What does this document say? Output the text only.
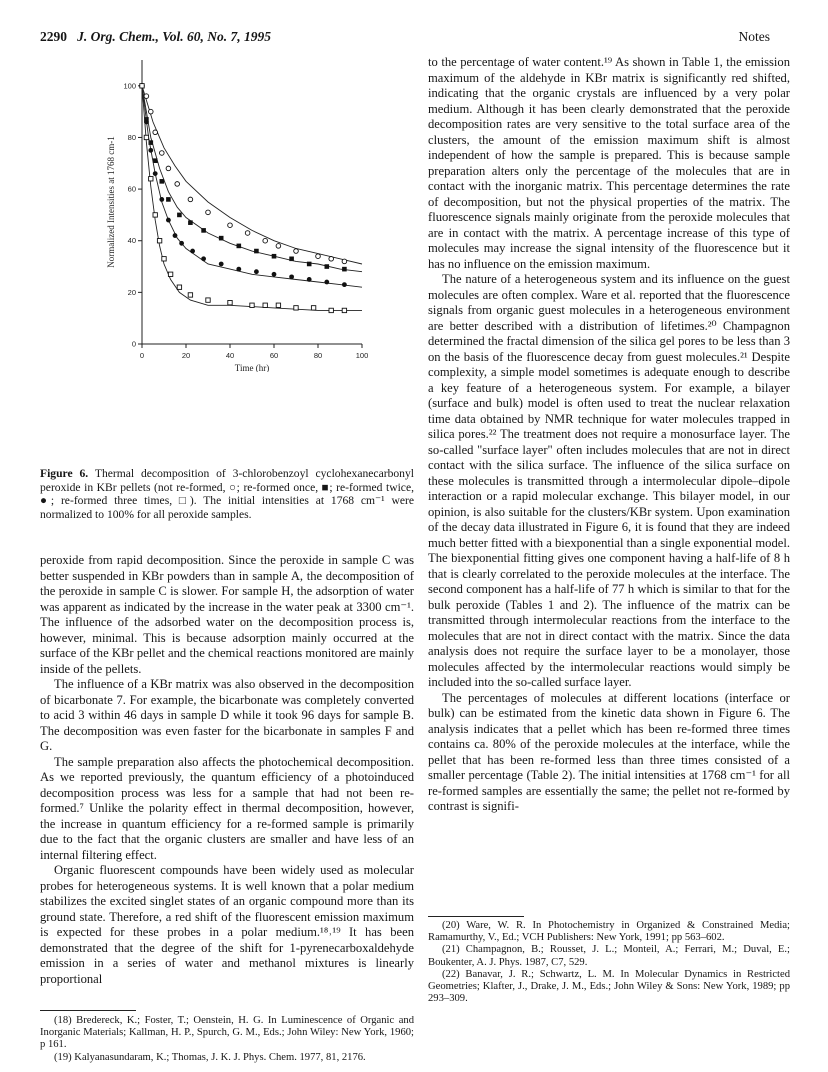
2290 J. Org. Chem., Vol. 60, No. 7, 1995	Notes
0	20	40	60	80	100
0
20
40
60
80
100
Time (hr)
Normalized Intensities at 1768 cm-1
Figure 6. Thermal decomposition of 3-chlorobenzoyl cyclohexanecarbonyl peroxide in KBr pellets (not re-formed, ○; re-formed once, ■; re-formed twice, ●; re-formed three times, □). The initial intensities at 1768 cm⁻¹ were normalized to 100% for all peroxide samples.

peroxide from rapid decomposition. Since the peroxide in sample C was better suspended in KBr powders than in sample A, the decomposition of the peroxide in sample C is slower. For sample H, the adsorption of water was apparent as indicated by the increase in the water peak at 3300 cm⁻¹. The influence of the adsorbed water on the decomposition process is, however, minimal. This is because adsorption mainly occurred at the surface of the KBr pellet and the chemical reactions monitored are mainly inside of the pellets.

The influence of a KBr matrix was also observed in the decomposition of bicarbonate 7. For example, the bicarbonate was completely converted to acid 3 within 46 days in sample D while it took 96 days for sample B. The decomposition was even faster for the bicarbonate in samples F and G.

The sample preparation also affects the photochemical decomposition. As we reported previously, the quantum efficiency of a photoinduced decomposition process was less for a sample that had not been re-formed.⁷ Unlike the polarity effect in thermal decomposition, however, the increase in quantum efficiency for a re-formed sample is primarily due to the fact that the organic clusters are smaller and have less of an internal filtering effect.

Organic fluorescent compounds have been widely used as molecular probes for heterogeneous systems. It is well known that a polar medium stabilizes the excited singlet states of an organic compound more than its ground state. Therefore, a red shift of the fluorescent emission maximum is expected for these probes in a polar medium.¹⁸˒¹⁹ It has been demonstrated that the degree of the shift for 1-pyrenecarboxaldehyde emission in a series of water and methanol mixtures is linearly proportional

to the percentage of water content.¹⁹ As shown in Table 1, the emission maximum of the aldehyde in KBr matrix is significantly red shifted, indicating that the organic crystals are influenced by a very polar medium. Although it has been clearly demonstrated that the peroxide decomposition rates are very sensitive to the total surface area of the clusters, the amount of the emission maximum shift is almost independent of how the sample is prepared. This is because sample preparation alters only the percentage of the molecules that are in contact with the inorganic matrix. This percentage determines the rate of decomposition, but not the physical properties of the matrix. The fluorescence signals mainly originate from the peroxide molecules that are in contact with the matrix. A percentage increase of this type of molecules may increase the signal intensity of the fluorescence but it has no influence on the emission maximum.

The nature of a heterogeneous system and its influence on the guest molecules are often complex. Ware et al. reported that the fluorescence signals from organic guest molecules in a heterogeneous environment are better described with a distribution of lifetimes.²⁰ Champagnon determined the fractal dimension of the silica gel pores to be less than 3 on the basis of the fluorescence decay from guest molecules.²¹ Despite complexity, a simple model sometimes is adequate enough to describe a key feature of a heterogeneous system. For example, a bilayer (surface and bulk) model is often used to treat the nuclear relaxation time data obtained by NMR technique for water molecules trapped in silica pores.²² The treatment does not require a monosurface layer. The so-called "surface layer" often includes molecules that are not in direct contact with the silica surface. The influence of the silica surface on these molecules is transmitted through a intermolecular dipole–dipole interaction or a rapid molecular exchange. This bilayer model, in our opinion, is also suitable for the clusters/KBr system. Upon examination of the decay data illustrated in Figure 6, it is found that they are indeed much better fitted with a biexponential than a single exponential model. The biexponential fitting gives one component having a half-life of 8 h that is clearly correlated to the peroxide molecules at the interface. The second component has a half-life of 77 h which is similar to that for the bulk peroxide (Tables 1 and 2). The influence of the matrix can be transmitted through intermolecular reactions from the interface to the molecules that are not in direct contact with the matrix. Since the data analysis does not require the surface layer to be a monolayer, those molecules affected by the intermolecular reactions would simply be included into the so-called surface layer.

The percentages of molecules at different locations (interface or bulk) can be estimated from the kinetic data shown in Figure 6. The analysis indicates that a pellet which has been re-formed three times contains ca. 80% of the peroxide molecules at the interface, while the pellet that has been re-formed less than three times consisted of a smaller percentage (Table 2). The initial intensities at 1768 cm⁻¹ for all re-formed samples are essentially the same; the pellet not re-formed by contrast is signifi-

(18) Bredereck, K.; Foster, T.; Oenstein, H. G. In Luminescence of Organic and Inorganic Materials; Kallman, H. P., Spurch, G. M., Eds.; John Wiley: New York, 1960; p 161.

(19) Kalyanasundaram, K.; Thomas, J. K. J. Phys. Chem. 1977, 81, 2176.

(20) Ware, W. R. In Photochemistry in Organized & Constrained Media; Ramamurthy, V., Ed.; VCH Publishers: New York, 1991; pp 563–602.

(21) Champagnon, B.; Rousset, J. L.; Monteil, A.; Ferrari, M.; Duval, E.; Boukenter, A. J. Phys. 1987, C7, 529.

(22) Banavar, J. R.; Schwartz, L. M. In Molecular Dynamics in Restricted Geometries; Klafter, J., Drake, J. M., Eds.; John Wiley & Sons: New York, 1989; pp 293–309.
